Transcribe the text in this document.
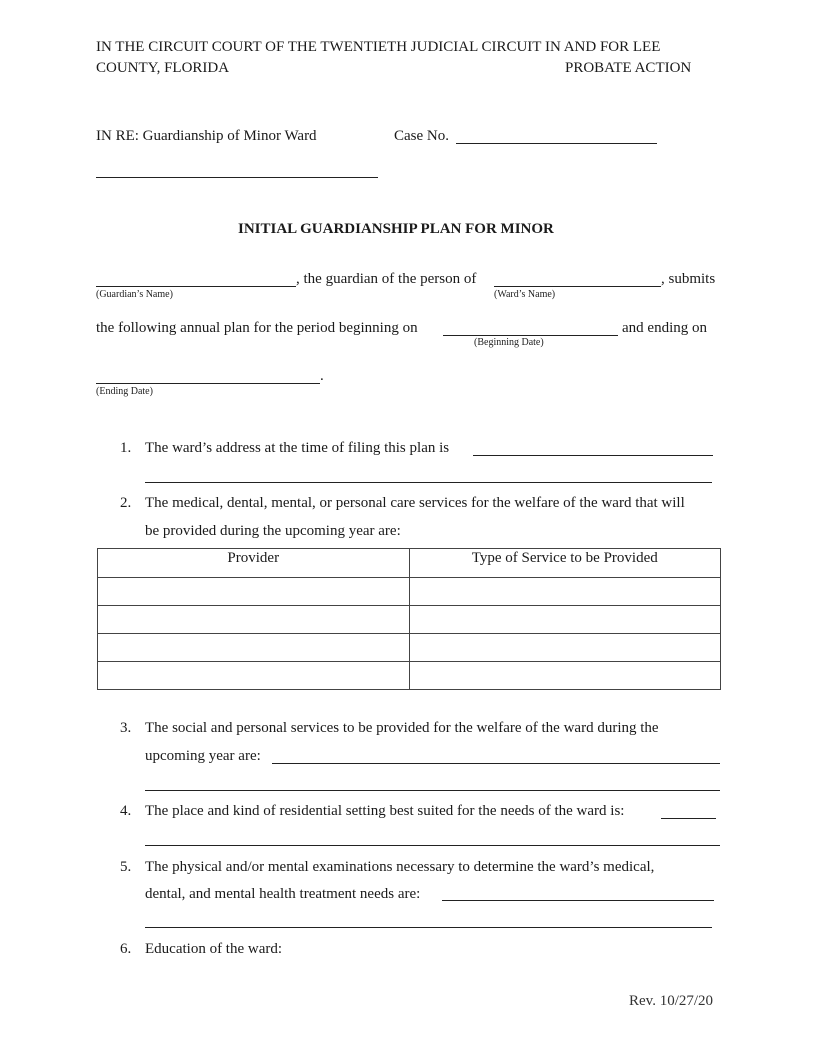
IN THE CIRCUIT COURT OF THE TWENTIETH JUDICIAL CIRCUIT IN AND FOR LEE
COUNTY, FLORIDA	PROBATE ACTION
IN RE: Guardianship of Minor Ward	Case No.
INITIAL GUARDIANSHIP PLAN FOR MINOR
, the guardian of the person of	, submits
(Guardian’s Name)	(Ward’s Name)
the following annual plan for the period beginning on	and ending on
(Beginning Date)
.
(Ending Date)
1. The ward’s address at the time of filing this plan is
2. The medical, dental, mental, or personal care services for the welfare of the ward that will
be provided during the upcoming year are:
Provider	Type of Service to be Provided

3. The social and personal services to be provided for the welfare of the ward during the
upcoming year are:
4. The place and kind of residential setting best suited for the needs of the ward is:
5. The physical and/or mental examinations necessary to determine the ward’s medical,
dental, and mental health treatment needs are:
6. Education of the ward:
Rev. 10/27/20
